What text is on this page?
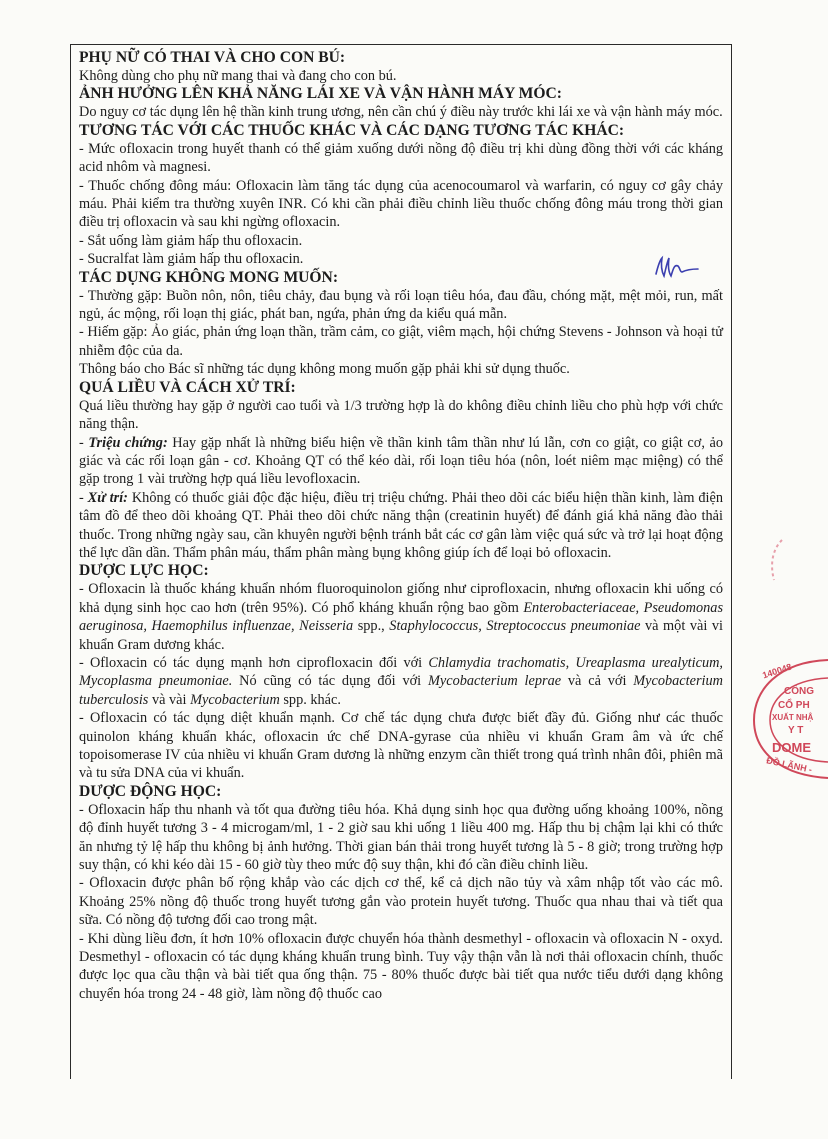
PHỤ NỮ CÓ THAI VÀ CHO CON BÚ:

Không dùng cho phụ nữ mang thai và đang cho con bú.

ẢNH HƯỞNG LÊN KHẢ NĂNG LÁI XE VÀ VẬN HÀNH MÁY MÓC:

Do nguy cơ tác dụng lên hệ thần kinh trung ương, nên cần chú ý điều này trước khi lái xe và vận hành máy móc.

TƯƠNG TÁC VỚI CÁC THUỐC KHÁC VÀ CÁC DẠNG TƯƠNG TÁC KHÁC:

- Mức ofloxacin trong huyết thanh có thể giảm xuống dưới nồng độ điều trị khi dùng đồng thời với các kháng acid nhôm và magnesi.

- Thuốc chống đông máu: Ofloxacin làm tăng tác dụng của acenocoumarol và warfarin, có nguy cơ gây chảy máu. Phải kiểm tra thường xuyên INR. Có khi cần phải điều chỉnh liều thuốc chống đông máu trong thời gian điều trị ofloxacin và sau khi ngừng ofloxacin.

- Sắt uống làm giảm hấp thu ofloxacin.

- Sucralfat làm giảm hấp thu ofloxacin.

TÁC DỤNG KHÔNG MONG MUỐN:

- Thường gặp: Buồn nôn, nôn, tiêu chảy, đau bụng và rối loạn tiêu hóa, đau đầu, chóng mặt, mệt mỏi, run, mất ngủ, ác mộng, rối loạn thị giác, phát ban, ngứa, phản ứng da kiểu quá mẫn.

- Hiếm gặp: Ảo giác, phản ứng loạn thần, trầm cảm, co giật, viêm mạch, hội chứng Stevens - Johnson và hoại tử nhiễm độc của da.

Thông báo cho Bác sĩ những tác dụng không mong muốn gặp phải khi sử dụng thuốc.

QUÁ LIỀU VÀ CÁCH XỬ TRÍ:

Quá liều thường hay gặp ở người cao tuổi và 1/3 trường hợp là do không điều chỉnh liều cho phù hợp với chức năng thận.

- Triệu chứng: Hay gặp nhất là những biểu hiện về thần kinh tâm thần như lú lẫn, cơn co giật, co giật cơ, ảo giác và các rối loạn gân - cơ. Khoảng QT có thể kéo dài, rối loạn tiêu hóa (nôn, loét niêm mạc miệng) có thể gặp trong 1 vài trường hợp quá liều levofloxacin.

- Xử trí: Không có thuốc giải độc đặc hiệu, điều trị triệu chứng. Phải theo dõi các biểu hiện thần kinh, làm điện tâm đồ để theo dõi khoảng QT. Phải theo dõi chức năng thận (creatinin huyết) để đánh giá khả năng đào thải thuốc. Trong những ngày sau, cần khuyên người bệnh tránh bắt các cơ gân làm việc quá sức và trở lại hoạt động thể lực dần dần. Thẩm phân máu, thẩm phân màng bụng không giúp ích để loại bỏ ofloxacin.

DƯỢC LỰC HỌC:

- Ofloxacin là thuốc kháng khuẩn nhóm fluoroquinolon giống như ciprofloxacin, nhưng ofloxacin khi uống có khả dụng sinh học cao hơn (trên 95%). Có phổ kháng khuẩn rộng bao gồm Enterobacteriaceae, Pseudomonas aeruginosa, Haemophilus influenzae, Neisseria spp., Staphylococcus, Streptococcus pneumoniae và một vài vi khuẩn Gram dương khác.

- Ofloxacin có tác dụng mạnh hơn ciprofloxacin đối với Chlamydia trachomatis, Ureaplasma urealyticum, Mycoplasma pneumoniae. Nó cũng có tác dụng đối với Mycobacterium leprae và cả với Mycobacterium tuberculosis và vài Mycobacterium spp. khác.

- Ofloxacin có tác dụng diệt khuẩn mạnh. Cơ chế tác dụng chưa được biết đầy đủ. Giống như các thuốc quinolon kháng khuẩn khác, ofloxacin ức chế DNA-gyrase của nhiều vi khuẩn Gram âm và ức chế topoisomerase IV của nhiều vi khuẩn Gram dương là những enzym cần thiết trong quá trình nhân đôi, phiên mã và tu sửa DNA của vi khuẩn.

DƯỢC ĐỘNG HỌC:

- Ofloxacin hấp thu nhanh và tốt qua đường tiêu hóa. Khả dụng sinh học qua đường uống khoảng 100%, nồng độ đỉnh huyết tương 3 - 4 microgam/ml, 1 - 2 giờ sau khi uống 1 liều 400 mg. Hấp thu bị chậm lại khi có thức ăn nhưng tỷ lệ hấp thu không bị ảnh hưởng. Thời gian bán thải trong huyết tương là 5 - 8 giờ; trong trường hợp suy thận, có khi kéo dài 15 - 60 giờ tùy theo mức độ suy thận, khi đó cần điều chỉnh liều.

- Ofloxacin được phân bố rộng khắp vào các dịch cơ thể, kể cả dịch não tủy và xâm nhập tốt vào các mô. Khoảng 25% nồng độ thuốc trong huyết tương gắn vào protein huyết tương. Thuốc qua nhau thai và tiết qua sữa. Có nồng độ tương đối cao trong mật.

- Khi dùng liều đơn, ít hơn 10% ofloxacin được chuyển hóa thành desmethyl - ofloxacin và ofloxacin N - oxyd. Desmethyl - ofloxacin có tác dụng kháng khuẩn trung bình. Tuy vậy thận vẫn là nơi thải ofloxacin chính, thuốc được lọc qua cầu thận và bài tiết qua ống thận. 75 - 80% thuốc được bài tiết qua nước tiểu dưới dạng không chuyển hóa trong 24 - 48 giờ, làm nồng độ thuốc cao

140048
CÔNG
CỔ PH
XUẤT NHẬ
Y T
DOME
ĐỒ LÃNH -
